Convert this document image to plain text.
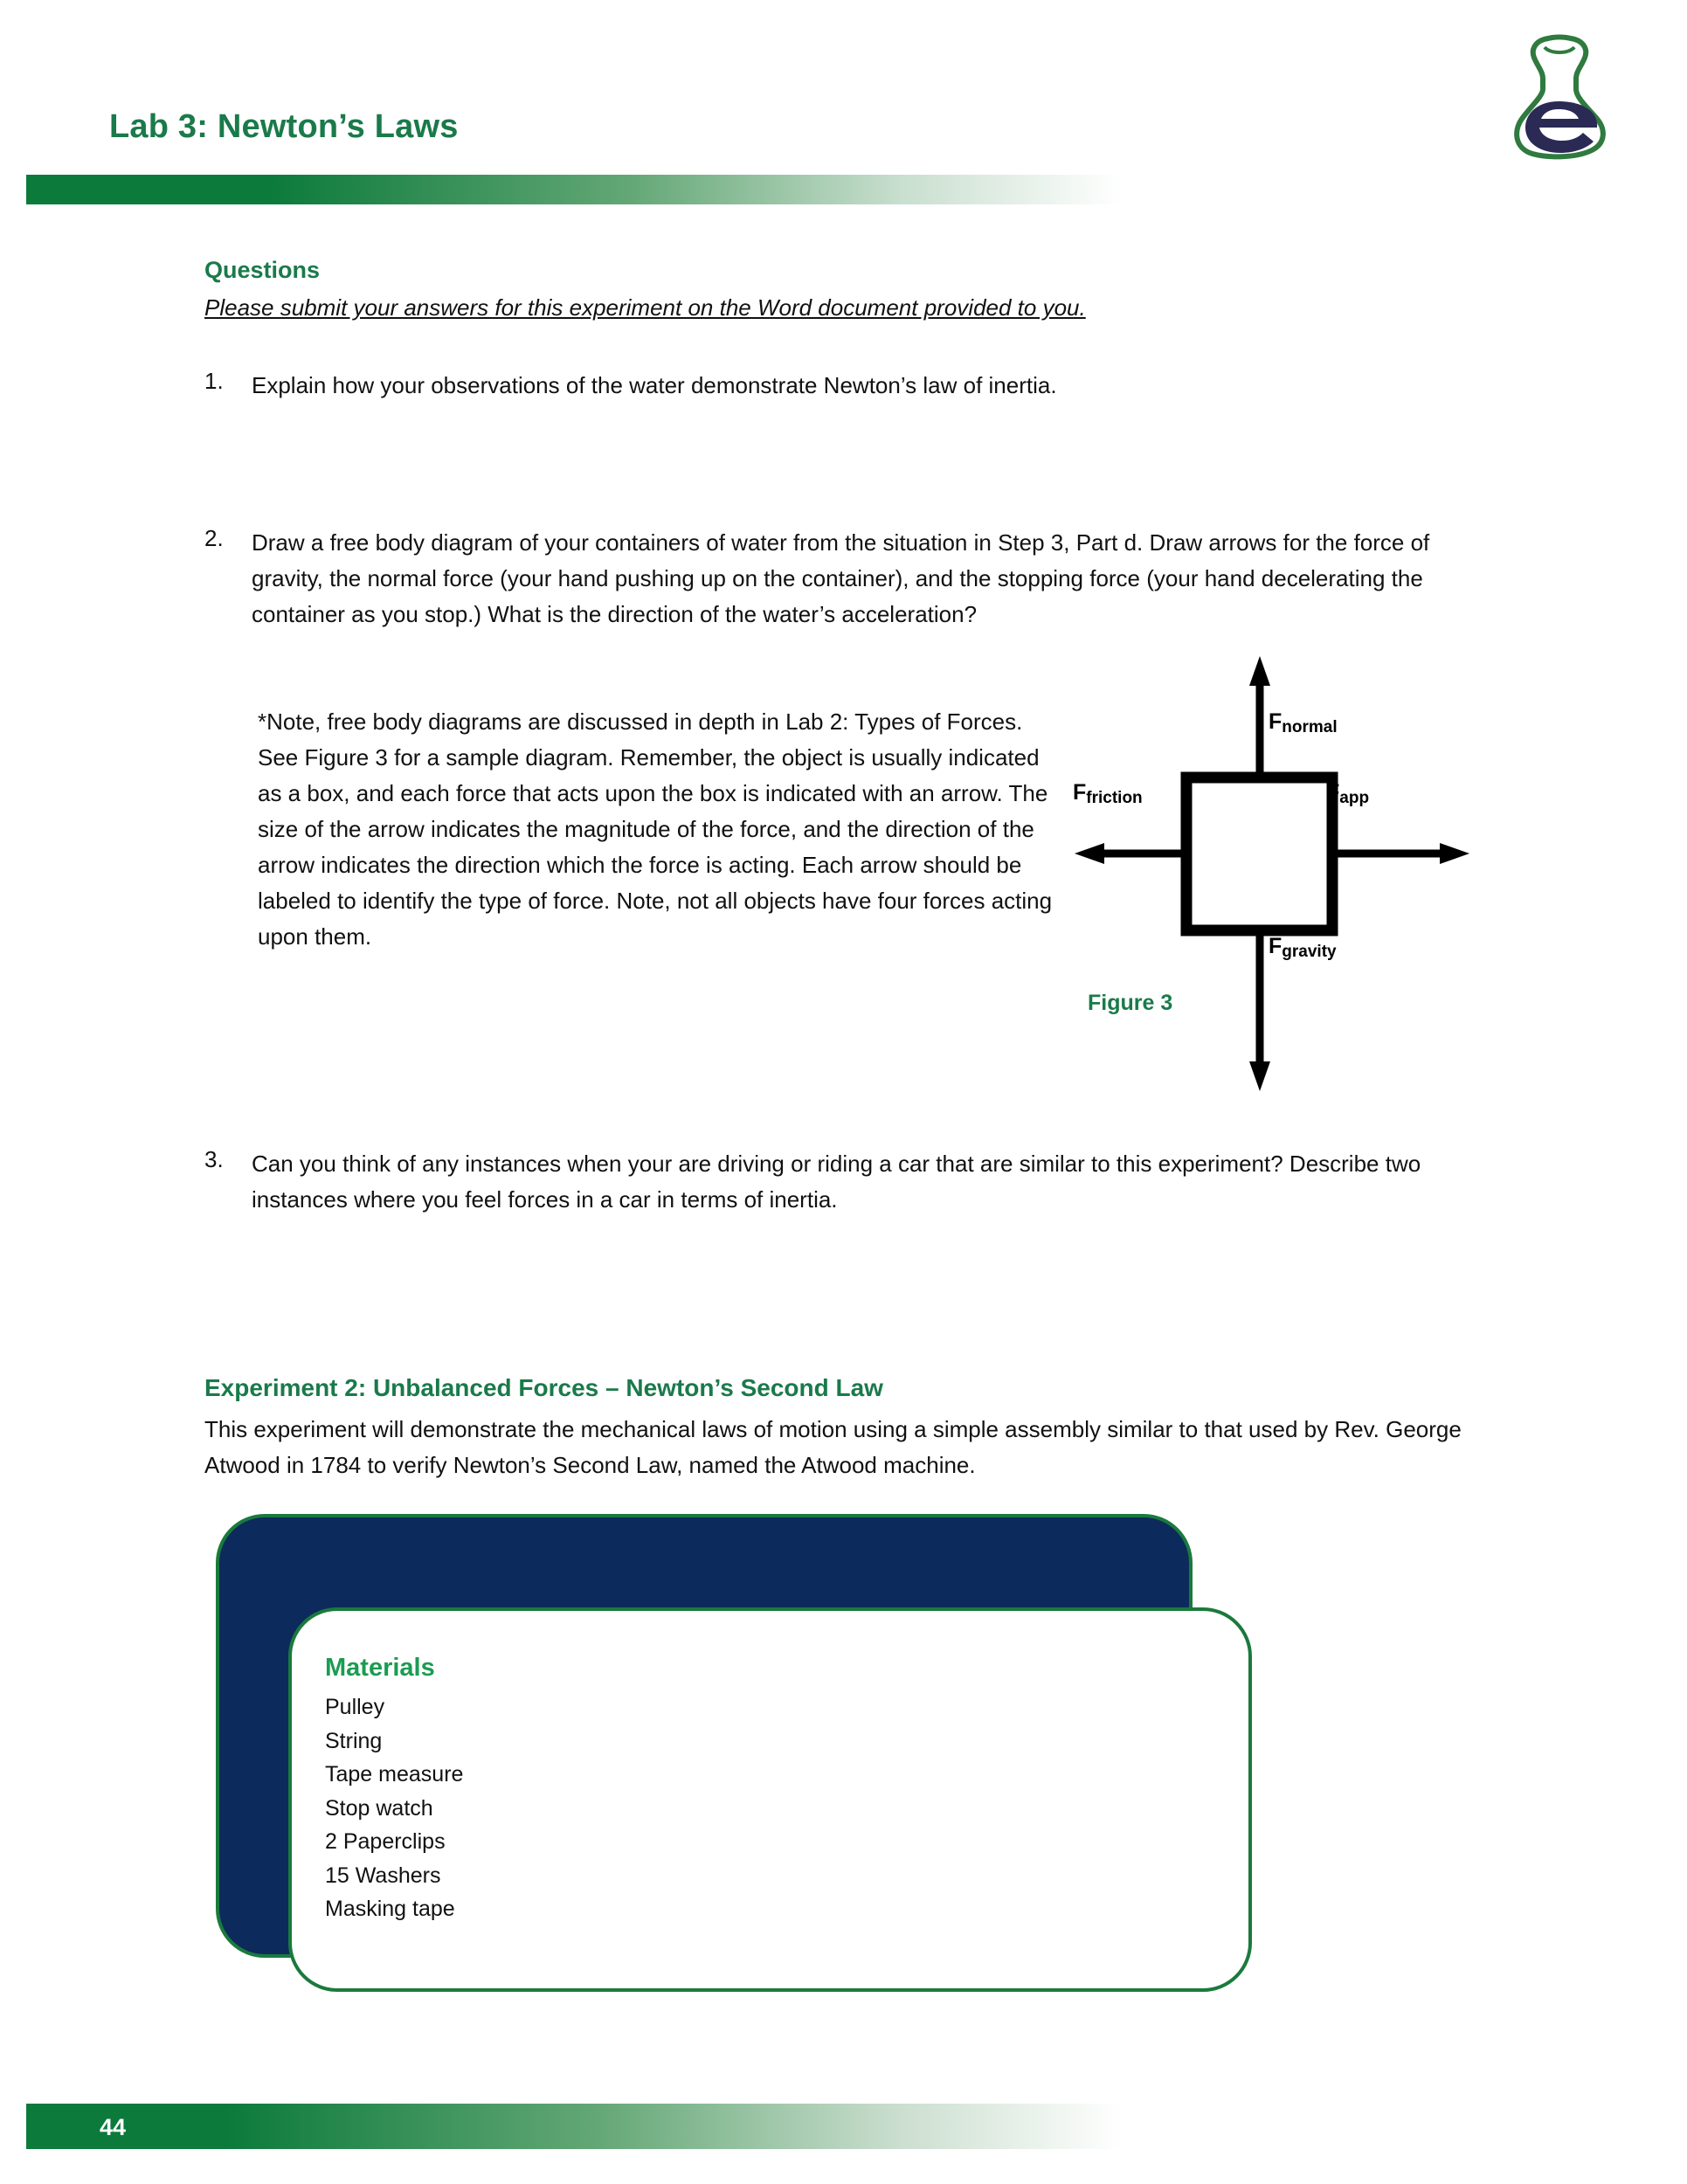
Lab 3: Newton’s Laws
Questions
Please submit your answers for this experiment on the Word document provided to you.
1. Explain how your observations of the water demonstrate Newton’s law of inertia.
2. Draw a free body diagram of your containers of water from the situation in Step 3, Part d. Draw arrows for the force of gravity, the normal force (your hand pushing up on the container), and the stopping force (your hand decelerating the container as you stop.) What is the direction of the water’s acceleration?
*Note, free body diagrams are discussed in depth in Lab 2: Types of Forces. See Figure 3 for a sample diagram. Remember, the object is usually indicated as a box, and each force that acts upon the box is indicated with an arrow. The size of the arrow indicates the magnitude of the force, and the direction of the arrow indicates the direction which the force is acting. Each arrow should be labeled to identify the type of force. Note, not all objects have four forces acting upon them.
3. Can you think of any instances when your are driving or riding a car that are similar to this experiment? Describe two instances where you feel forces in a car in terms of inertia.
$F_{normal}$
$F_{friction}$	$F_{app}$
$F_{gravity}$
Figure 3
Experiment 2: Unbalanced Forces – Newton’s Second Law
This experiment will demonstrate the mechanical laws of motion using a simple assembly similar to that used by Rev. George Atwood in 1784 to verify Newton’s Second Law, named the Atwood machine.
Materials
Pulley
String
Tape measure
Stop watch
2 Paperclips
15 Washers
Masking tape
44
